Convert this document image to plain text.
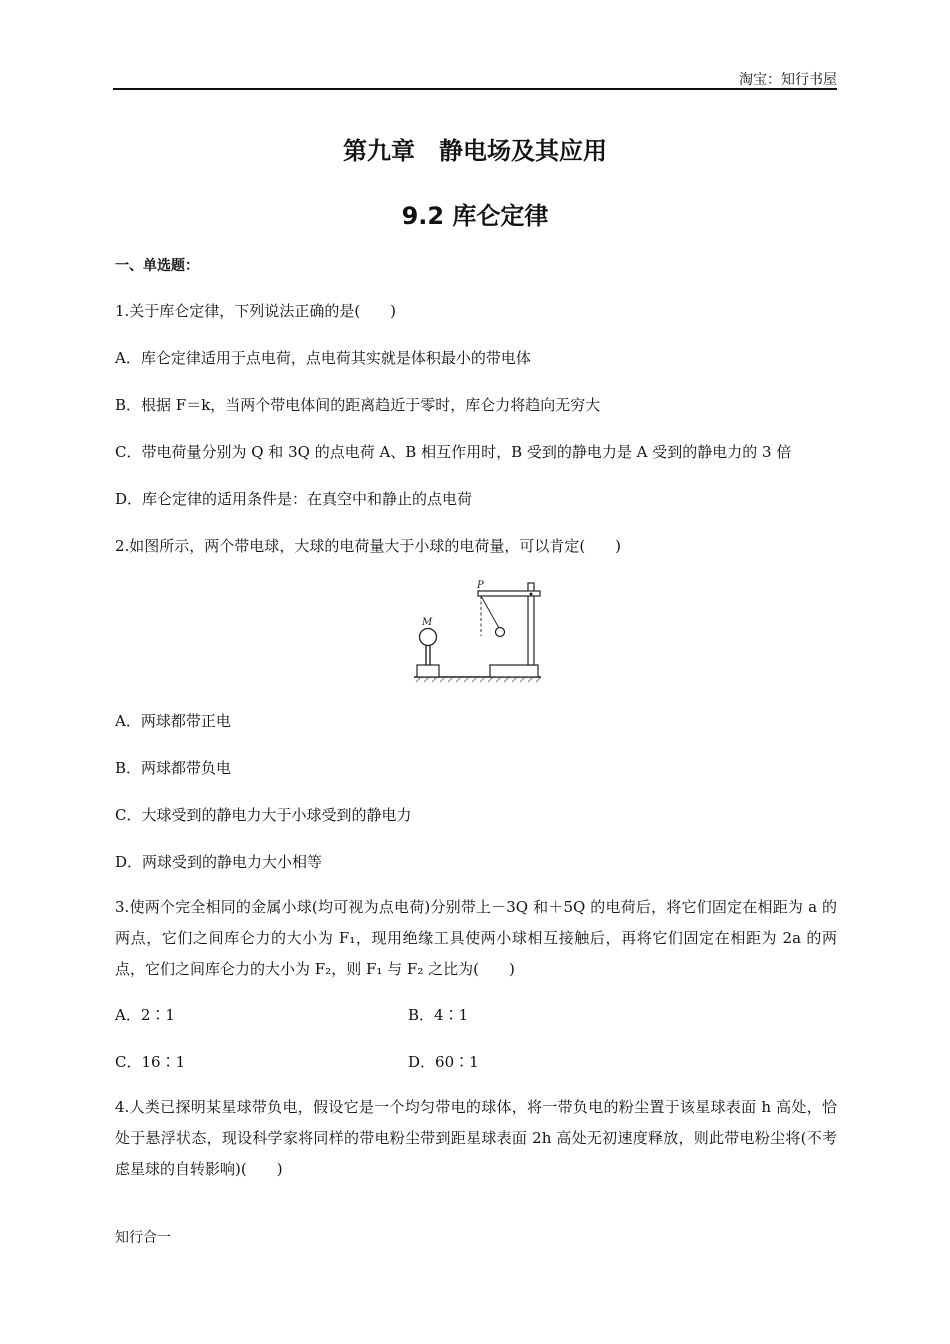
淘宝：知行书屋
第九章　静电场及其应用
9.2 库仑定律
一、单选题：
1.关于库仑定律，下列说法正确的是(　　)
A．库仑定律适用于点电荷，点电荷其实就是体积最小的带电体
B．根据 F＝k，当两个带电体间的距离趋近于零时，库仑力将趋向无穷大
C．带电荷量分别为 Q 和 3Q 的点电荷 A、B 相互作用时，B 受到的静电力是 A 受到的静电力的 3 倍
D．库仑定律的适用条件是：在真空中和静止的点电荷
2.如图所示，两个带电球，大球的电荷量大于小球的电荷量，可以肯定(　　)
M
P
A．两球都带正电
B．两球都带负电
C．大球受到的静电力大于小球受到的静电力
D．两球受到的静电力大小相等
3.使两个完全相同的金属小球(均可视为点电荷)分别带上－3Q 和＋5Q 的电荷后，将它们固定在相距为 a 的两点，它们之间库仑力的大小为 F₁，现用绝缘工具使两小球相互接触后，再将它们固定在相距为 2a 的两点，它们之间库仑力的大小为 F₂，则 F₁ 与 F₂ 之比为(　　)
A．2∶1	B．4∶1
C．16∶1	D．60∶1
4.人类已探明某星球带负电，假设它是一个均匀带电的球体，将一带负电的粉尘置于该星球表面 h 高处，恰处于悬浮状态，现设科学家将同样的带电粉尘带到距星球表面 2h 高处无初速度释放，则此带电粉尘将(不考虑星球的自转影响)(　　)
知行合一
